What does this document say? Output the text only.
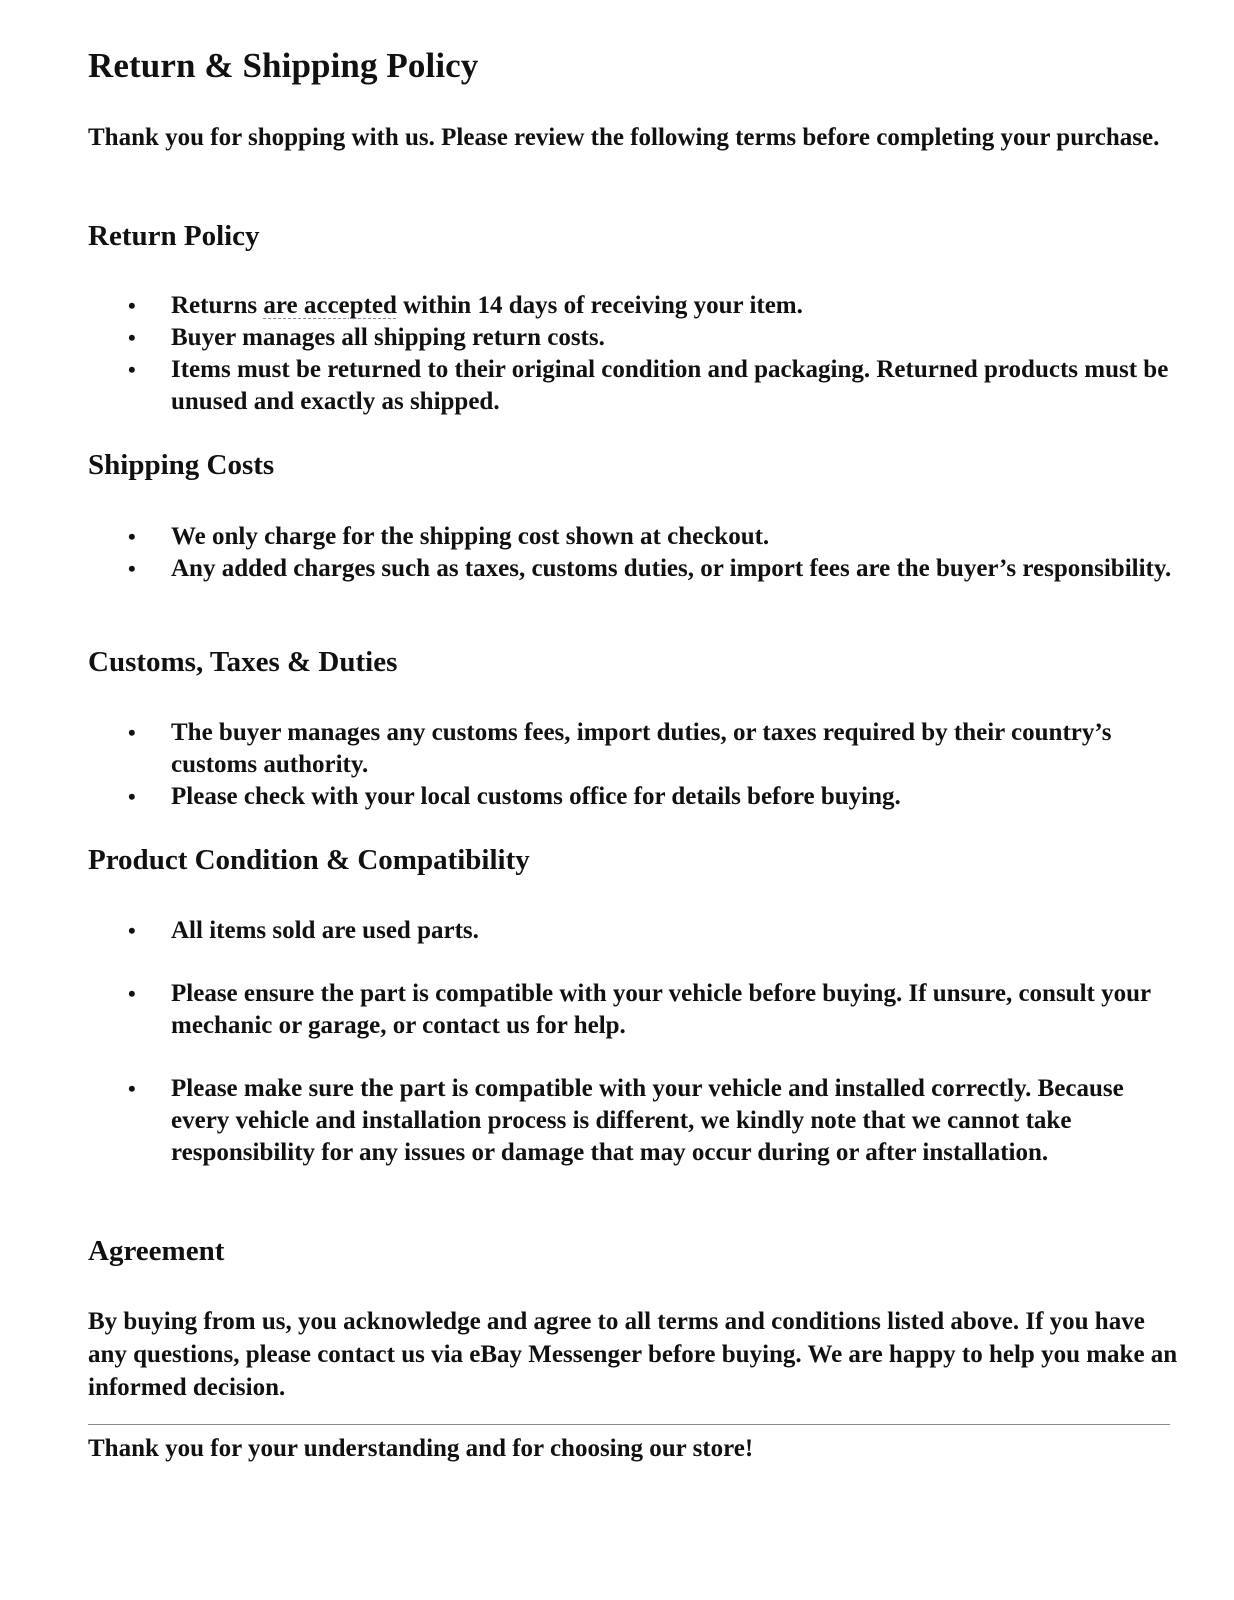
Return & Shipping Policy

Thank you for shopping with us. Please review the following terms before completing your purchase.

Return Policy
• Returns are accepted within 14 days of receiving your item.
• Buyer manages all shipping return costs.
• Items must be returned to their original condition and packaging. Returned products must be unused and exactly as shipped.
Shipping Costs
• We only charge for the shipping cost shown at checkout.
• Any added charges such as taxes, customs duties, or import fees are the buyer’s responsibility.
Customs, Taxes & Duties
• The buyer manages any customs fees, import duties, or taxes required by their country’s customs authority.
• Please check with your local customs office for details before buying.
Product Condition & Compatibility
• All items sold are used parts.
• Please ensure the part is compatible with your vehicle before buying. If unsure, consult your mechanic or garage, or contact us for help.
• Please make sure the part is compatible with your vehicle and installed correctly. Because every vehicle and installation process is different, we kindly note that we cannot take responsibility for any issues or damage that may occur during or after installation.
Agreement

By buying from us, you acknowledge and agree to all terms and conditions listed above. If you have any questions, please contact us via eBay Messenger before buying. We are happy to help you make an informed decision.

Thank you for your understanding and for choosing our store!
